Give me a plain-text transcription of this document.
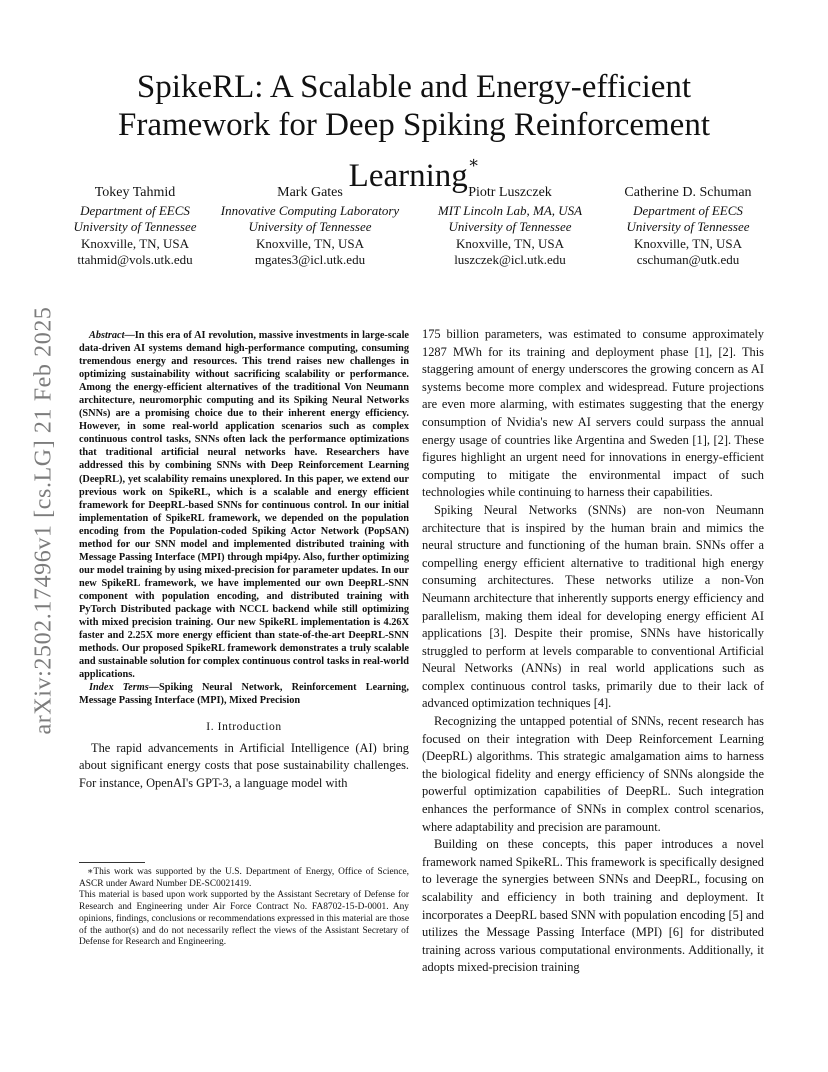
arXiv:2502.17496v1 [cs.LG] 21 Feb 2025
SpikeRL: A Scalable and Energy-efficient
Framework for Deep Spiking Reinforcement
Learning∗
Tokey Tahmid
Department of EECS
University of Tennessee
Knoxville, TN, USA
ttahmid@vols.utk.edu
Mark Gates
Innovative Computing Laboratory
University of Tennessee
Knoxville, TN, USA
mgates3@icl.utk.edu
Piotr Luszczek
MIT Lincoln Lab, MA, USA
University of Tennessee
Knoxville, TN, USA
luszczek@icl.utk.edu
Catherine D. Schuman
Department of EECS
University of Tennessee
Knoxville, TN, USA
cschuman@utk.edu

Abstract—In this era of AI revolution, massive investments in large-scale data-driven AI systems demand high-performance computing, consuming tremendous energy and resources. This trend raises new challenges in optimizing sustainability without sacrificing scalability or performance. Among the energy-efficient alternatives of the traditional Von Neumann architecture, neuromorphic computing and its Spiking Neural Networks (SNNs) are a promising choice due to their inherent energy efficiency. However, in some real-world application scenarios such as complex continuous control tasks, SNNs often lack the performance optimizations that traditional artificial neural networks have. Researchers have addressed this by combining SNNs with Deep Reinforcement Learning (DeepRL), yet scalability remains unexplored. In this paper, we extend our previous work on SpikeRL, which is a scalable and energy efficient framework for DeepRL-based SNNs for continuous control. In our initial implementation of SpikeRL framework, we depended on the population encoding from the Population-coded Spiking Actor Network (PopSAN) method for our SNN model and implemented distributed training with Message Passing Interface (MPI) through mpi4py. Also, further optimizing our model training by using mixed-precision for parameter updates. In our new SpikeRL framework, we have implemented our own DeepRL-SNN component with population encoding, and distributed training with PyTorch Distributed package with NCCL backend while still optimizing with mixed precision training. Our new SpikeRL implementation is 4.26X faster and 2.25X more energy efficient than state-of-the-art DeepRL-SNN methods. Our proposed SpikeRL framework demonstrates a truly scalable and sustainable solution for complex continuous control tasks in real-world applications.

Index Terms—Spiking Neural Network, Reinforcement Learning, Message Passing Interface (MPI), Mixed Precision

I. Introduction

The rapid advancements in Artificial Intelligence (AI) bring about significant energy costs that pose sustainability challenges. For instance, OpenAI's GPT-3, a language model with

∗This work was supported by the U.S. Department of Energy, Office of Science, ASCR under Award Number DE-SC0021419.

This material is based upon work supported by the Assistant Secretary of Defense for Research and Engineering under Air Force Contract No. FA8702-15-D-0001. Any opinions, findings, conclusions or recommendations expressed in this material are those of the author(s) and do not necessarily reflect the views of the Assistant Secretary of Defense for Research and Engineering.

175 billion parameters, was estimated to consume approximately 1287 MWh for its training and deployment phase [1], [2]. This staggering amount of energy underscores the growing concern as AI systems become more complex and widespread. Future projections are even more alarming, with estimates suggesting that the energy consumption of Nvidia's new AI servers could surpass the annual energy usage of countries like Argentina and Sweden [1], [2]. These figures highlight an urgent need for innovations in energy-efficient computing to mitigate the environmental impact of such technologies while continuing to harness their capabilities.

Spiking Neural Networks (SNNs) are non-von Neumann architecture that is inspired by the human brain and mimics the neural structure and functioning of the human brain. SNNs offer a compelling energy efficient alternative to traditional high energy consuming architectures. These networks utilize a non-Von Neumann architecture that inherently supports energy efficiency and parallelism, making them ideal for developing energy efficient AI applications [3]. Despite their promise, SNNs have historically struggled to perform at levels comparable to conventional Artificial Neural Networks (ANNs) in real world applications such as complex continuous control tasks, primarily due to their lack of advanced optimization techniques [4].

Recognizing the untapped potential of SNNs, recent research has focused on their integration with Deep Reinforcement Learning (DeepRL) algorithms. This strategic amalgamation aims to harness the biological fidelity and energy efficiency of SNNs alongside the powerful optimization capabilities of DeepRL. Such integration enhances the performance of SNNs in complex control scenarios, where adaptability and precision are paramount.

Building on these concepts, this paper introduces a novel framework named SpikeRL. This framework is specifically designed to leverage the synergies between SNNs and DeepRL, focusing on scalability and efficiency in both training and deployment. It incorporates a DeepRL based SNN with population encoding [5] and utilizes the Message Passing Interface (MPI) [6] for distributed training across various computational environments. Additionally, it adopts mixed-precision training
